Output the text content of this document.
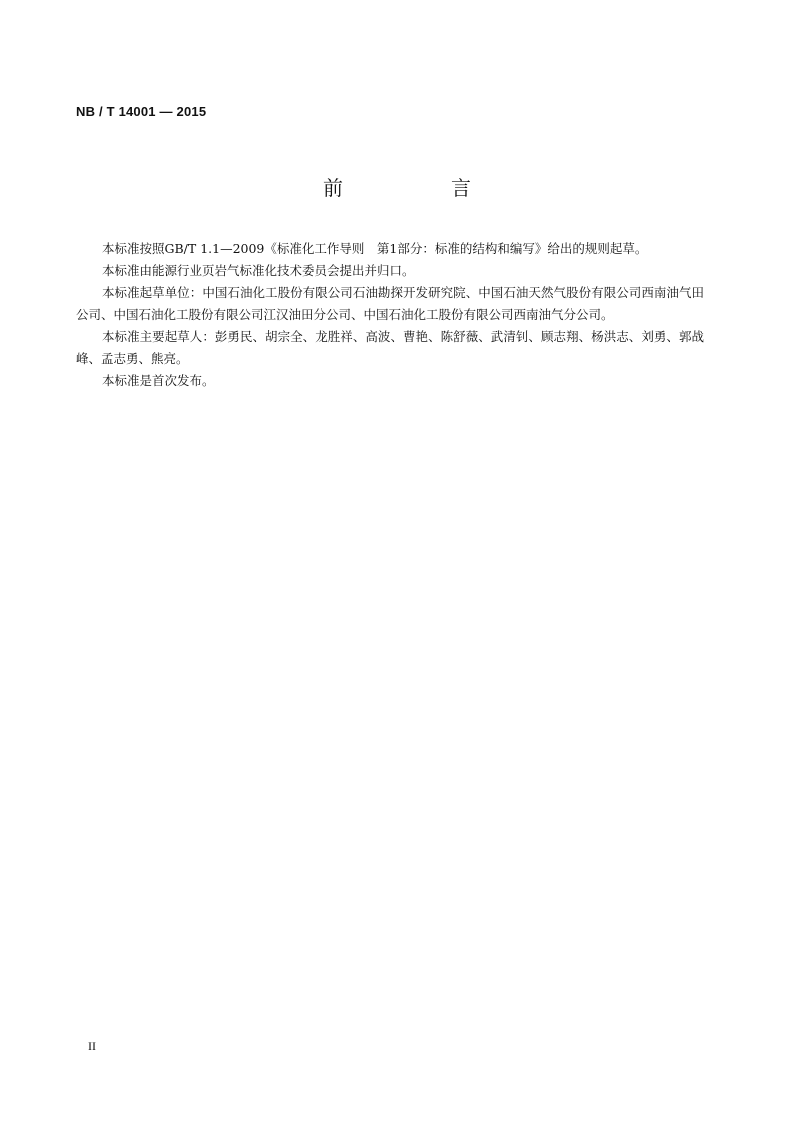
NB / T 14001 — 2015
前　言

本标准按照GB/T 1.1—2009《标准化工作导则　第1部分：标准的结构和编写》给出的规则起草。

本标准由能源行业页岩气标准化技术委员会提出并归口。

本标准起草单位：中国石油化工股份有限公司石油勘探开发研究院、中国石油天然气股份有限公司西南油气田公司、中国石油化工股份有限公司江汉油田分公司、中国石油化工股份有限公司西南油气分公司。

本标准主要起草人：彭勇民、胡宗全、龙胜祥、高波、曹艳、陈舒薇、武清钊、顾志翔、杨洪志、刘勇、郭战峰、孟志勇、熊亮。

本标准是首次发布。

II
